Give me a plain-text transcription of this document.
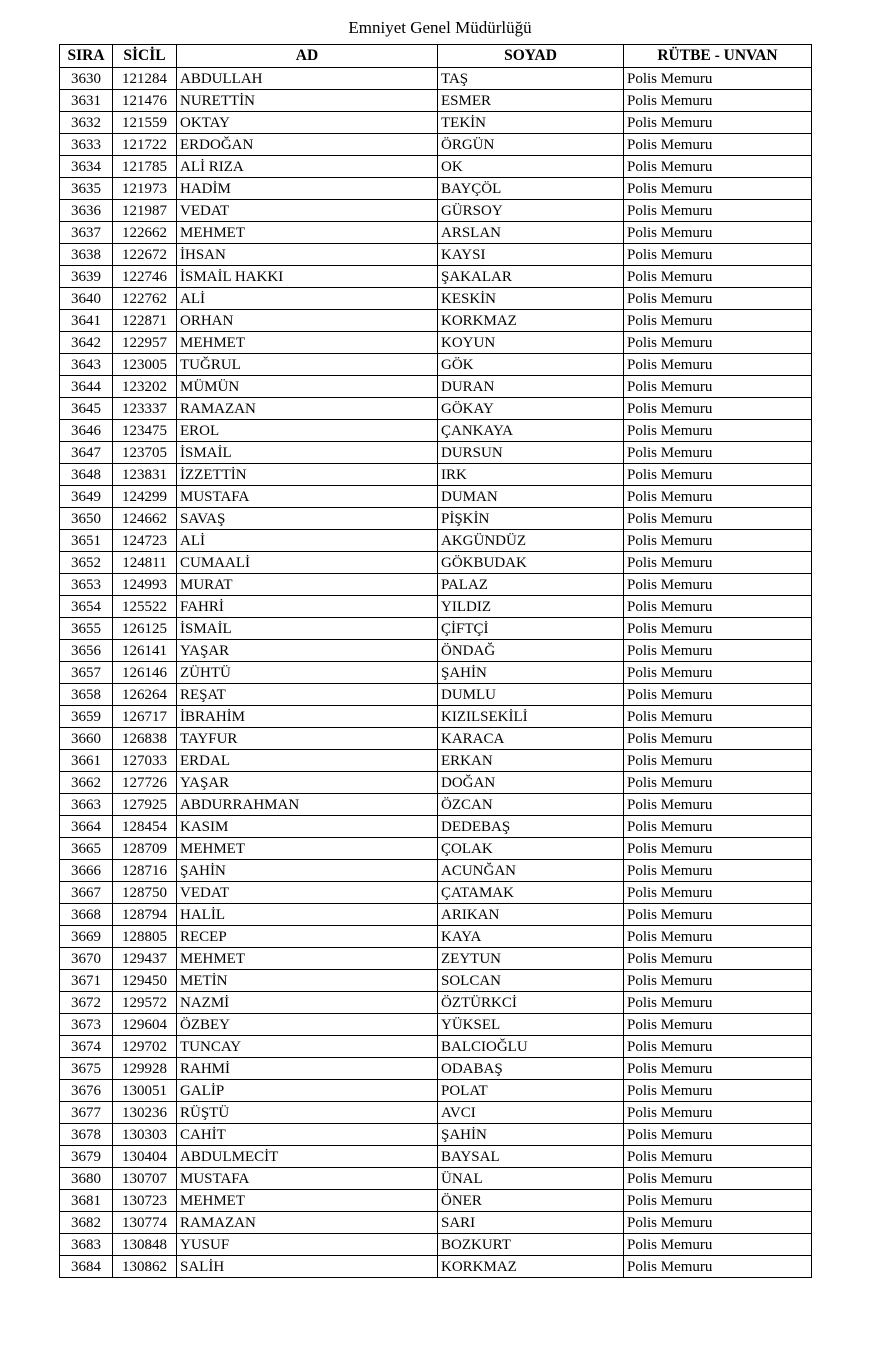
Emniyet Genel Müdürlüğü
SIRA	SİCİL	AD	SOYAD	RÜTBE - UNVAN
3630	121284	ABDULLAH	TAŞ	Polis Memuru
3631	121476	NURETTİN	ESMER	Polis Memuru
3632	121559	OKTAY	TEKİN	Polis Memuru
3633	121722	ERDOĞAN	ÖRGÜN	Polis Memuru
3634	121785	ALİ RIZA	OK	Polis Memuru
3635	121973	HADİM	BAYÇÖL	Polis Memuru
3636	121987	VEDAT	GÜRSOY	Polis Memuru
3637	122662	MEHMET	ARSLAN	Polis Memuru
3638	122672	İHSAN	KAYSI	Polis Memuru
3639	122746	İSMAİL HAKKI	ŞAKALAR	Polis Memuru
3640	122762	ALİ	KESKİN	Polis Memuru
3641	122871	ORHAN	KORKMAZ	Polis Memuru
3642	122957	MEHMET	KOYUN	Polis Memuru
3643	123005	TUĞRUL	GÖK	Polis Memuru
3644	123202	MÜMÜN	DURAN	Polis Memuru
3645	123337	RAMAZAN	GÖKAY	Polis Memuru
3646	123475	EROL	ÇANKAYA	Polis Memuru
3647	123705	İSMAİL	DURSUN	Polis Memuru
3648	123831	İZZETTİN	IRK	Polis Memuru
3649	124299	MUSTAFA	DUMAN	Polis Memuru
3650	124662	SAVAŞ	PİŞKİN	Polis Memuru
3651	124723	ALİ	AKGÜNDÜZ	Polis Memuru
3652	124811	CUMAALİ	GÖKBUDAK	Polis Memuru
3653	124993	MURAT	PALAZ	Polis Memuru
3654	125522	FAHRİ	YILDIZ	Polis Memuru
3655	126125	İSMAİL	ÇİFTÇİ	Polis Memuru
3656	126141	YAŞAR	ÖNDAĞ	Polis Memuru
3657	126146	ZÜHTÜ	ŞAHİN	Polis Memuru
3658	126264	REŞAT	DUMLU	Polis Memuru
3659	126717	İBRAHİM	KIZILSEKİLİ	Polis Memuru
3660	126838	TAYFUR	KARACA	Polis Memuru
3661	127033	ERDAL	ERKAN	Polis Memuru
3662	127726	YAŞAR	DOĞAN	Polis Memuru
3663	127925	ABDURRAHMAN	ÖZCAN	Polis Memuru
3664	128454	KASIM	DEDEBAŞ	Polis Memuru
3665	128709	MEHMET	ÇOLAK	Polis Memuru
3666	128716	ŞAHİN	ACUNĞAN	Polis Memuru
3667	128750	VEDAT	ÇATAMAK	Polis Memuru
3668	128794	HALİL	ARIKAN	Polis Memuru
3669	128805	RECEP	KAYA	Polis Memuru
3670	129437	MEHMET	ZEYTUN	Polis Memuru
3671	129450	METİN	SOLCAN	Polis Memuru
3672	129572	NAZMİ	ÖZTÜRKCİ	Polis Memuru
3673	129604	ÖZBEY	YÜKSEL	Polis Memuru
3674	129702	TUNCAY	BALCIOĞLU	Polis Memuru
3675	129928	RAHMİ	ODABAŞ	Polis Memuru
3676	130051	GALİP	POLAT	Polis Memuru
3677	130236	RÜŞTÜ	AVCI	Polis Memuru
3678	130303	CAHİT	ŞAHİN	Polis Memuru
3679	130404	ABDULMECİT	BAYSAL	Polis Memuru
3680	130707	MUSTAFA	ÜNAL	Polis Memuru
3681	130723	MEHMET	ÖNER	Polis Memuru
3682	130774	RAMAZAN	SARI	Polis Memuru
3683	130848	YUSUF	BOZKURT	Polis Memuru
3684	130862	SALİH	KORKMAZ	Polis Memuru
